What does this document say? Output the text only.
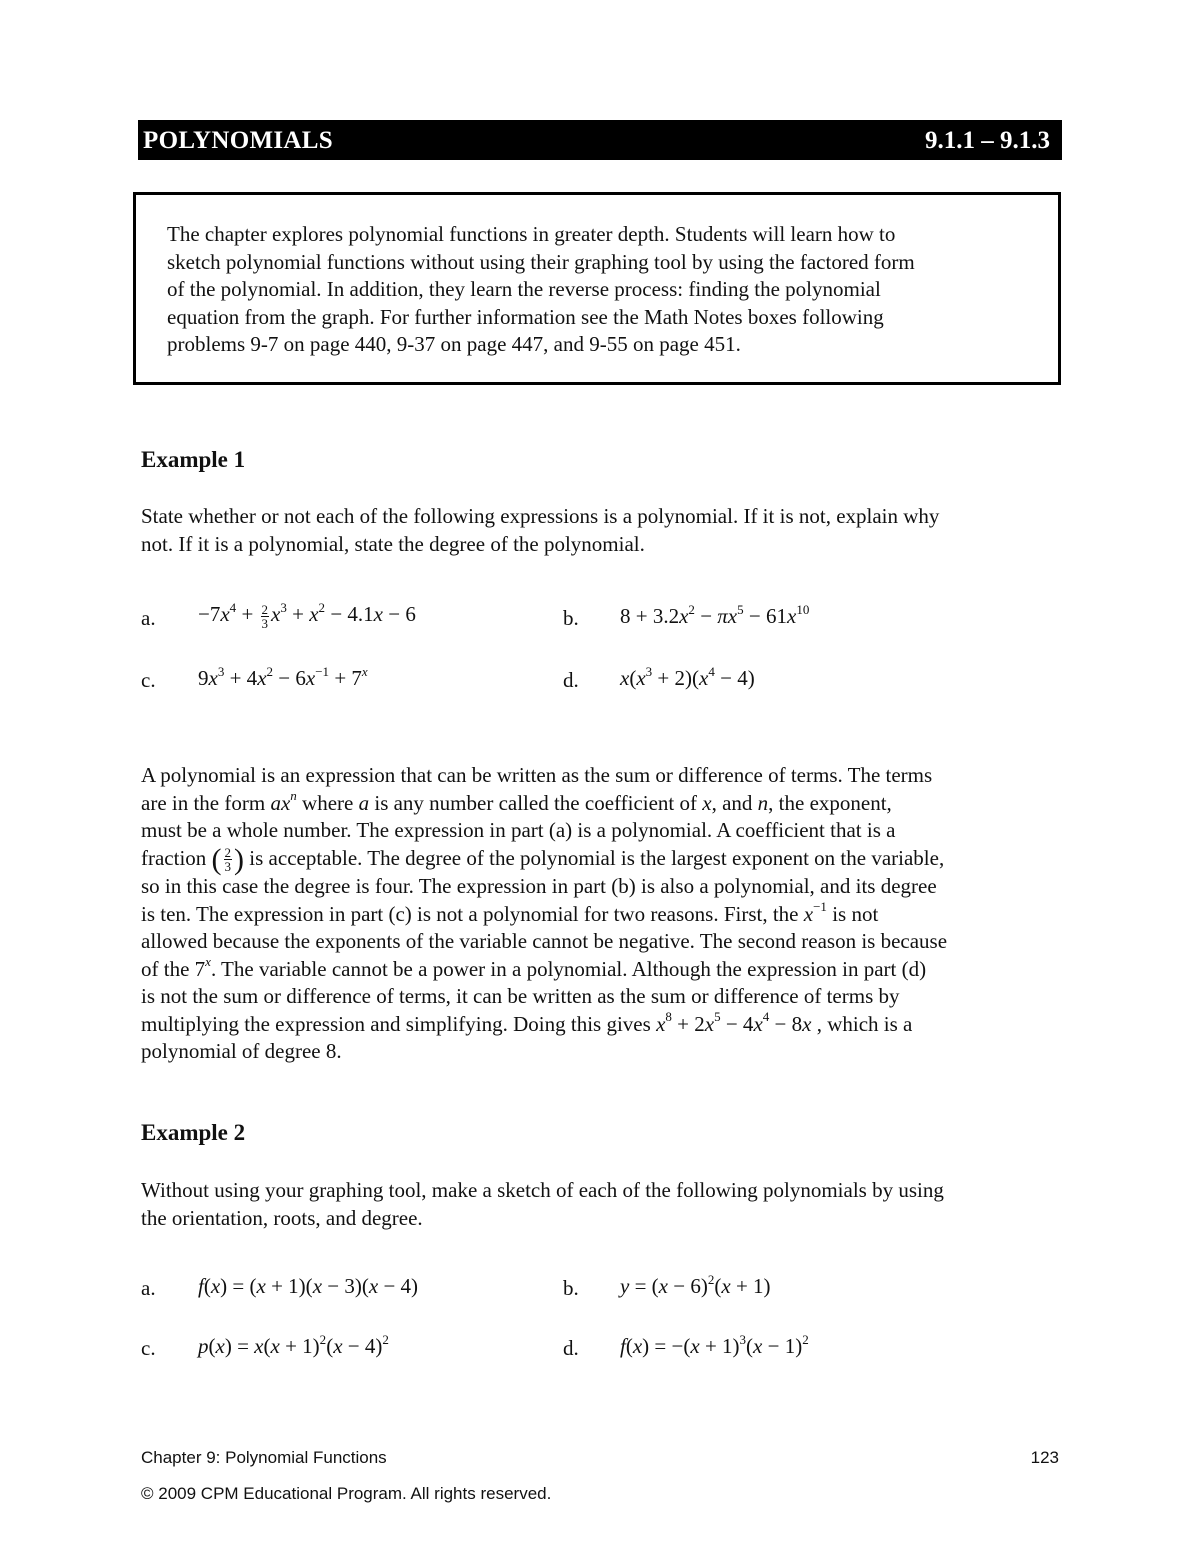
POLYNOMIALS	9.1.1 – 9.1.3
The chapter explores polynomial functions in greater depth. Students will learn how to
sketch polynomial functions without using their graphing tool by using the factored form
of the polynomial. In addition, they learn the reverse process: finding the polynomial
equation from the graph. For further information see the Math Notes boxes following
problems 9-7 on page 440, 9-37 on page 447, and 9-55 on page 451.
Example 1
State whether or not each of the following expressions is a polynomial. If it is not, explain why
not. If it is a polynomial, state the degree of the polynomial.
a. $-7x^4 + \frac{2}{3} x^3 + x^2 - 4.1x - 6$	b. $8 + 3.2x^2 - \pi x^5 - 61x^{10}$
c. $9x^3 + 4x^2 - 6x^{-1} + 7^x$	d. $x(x^3 + 2)(x^4 - 4)$
A polynomial is an expression that can be written as the sum or difference of terms. The terms
are in the form $ax^n$ where a is any number called the coefficient of x, and n, the exponent,
must be a whole number. The expression in part (a) is a polynomial. A coefficient that is a
fraction ( $\frac{2}{3}$ ) is acceptable. The degree of the polynomial is the largest exponent on the variable,
so in this case the degree is four. The expression in part (b) is also a polynomial, and its degree
is ten. The expression in part (c) is not a polynomial for two reasons. First, the $x^{-1}$ is not
allowed because the exponents of the variable cannot be negative. The second reason is because
of the 7$^x$. The variable cannot be a power in a polynomial. Although the expression in part (d)
is not the sum or difference of terms, it can be written as the sum or difference of terms by
multiplying the expression and simplifying. Doing this gives $x^8 + 2x^5 - 4x^4 - 8x$ , which is a
polynomial of degree 8.
Example 2
Without using your graphing tool, make a sketch of each of the following polynomials by using
the orientation, roots, and degree.
a. f(x) = (x + 1)(x − 3)(x − 4)	b. $y = (x - 6)^2(x + 1)$
c. $p(x) = x(x + 1)^2(x - 4)^2$	d. $f(x) = -(x + 1)^3(x - 1)^2$
Chapter 9: Polynomial Functions	123
© 2009 CPM Educational Program. All rights reserved.
